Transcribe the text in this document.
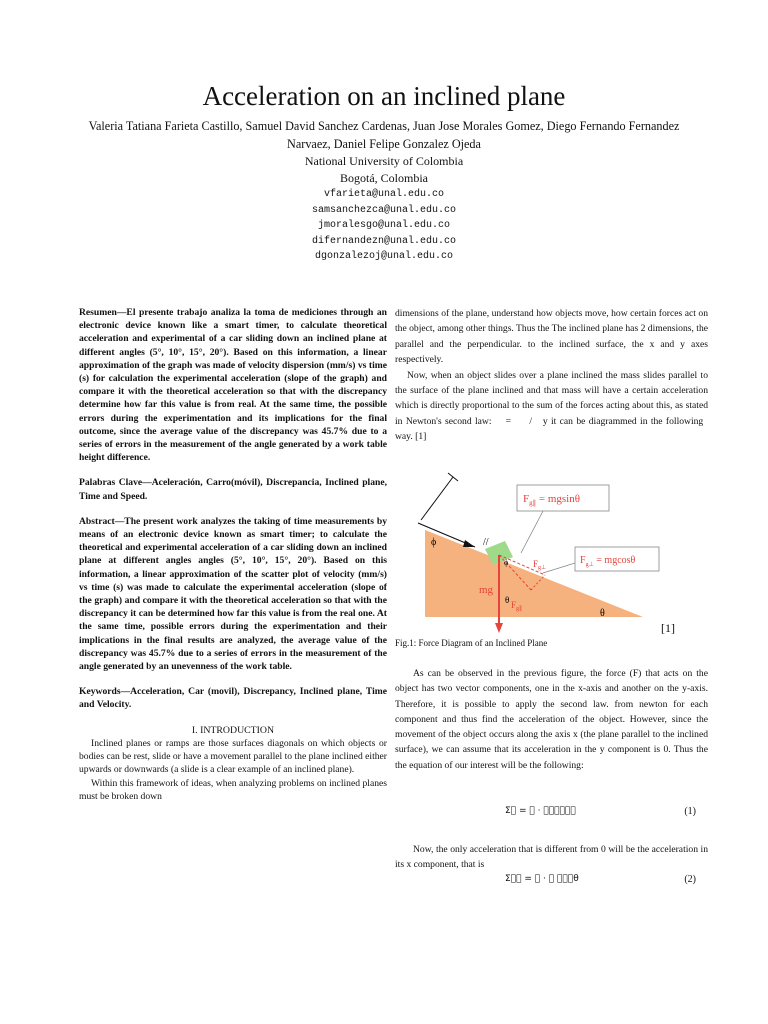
Acceleration on an inclined plane
Valeria Tatiana Farieta Castillo, Samuel David Sanchez Cardenas, Juan Jose Morales Gomez, Diego Fernando Fernandez Narvaez, Daniel Felipe Gonzalez Ojeda
National University of Colombia
Bogotá, Colombia
vfarieta@unal.edu.co
samsanchezca@unal.edu.co
jmoralesgo@unal.edu.co
difernandezn@unal.edu.co
dgonzalezoj@unal.edu.co

Resumen—El presente trabajo analiza la toma de mediciones through an electronic device known like a smart timer, to calculate theoretical acceleration and experimental of a car sliding down an inclined plane at different angles (5°, 10°, 15°, 20°). Based on this information, a linear approximation of the graph was made of velocity dispersion (mm/s) vs time (s) for calculation the experimental acceleration (slope of the graph) and compare it with the theoretical acceleration so that with the discrepancy determine how far this value is from real. At the same time, the possible errors during the experimentation and its implications for the final outcome, since the average value of the discrepancy was 45.7% due to a series of errors in the measurement of the angle generated by a work table height difference.

Palabras Clave—Aceleración, Carro(móvil), Discrepancia, Inclined plane, Time and Speed.

Abstract—The present work analyzes the taking of time measurements by means of an electronic device known as smart timer; to calculate the theoretical and experimental acceleration of a car sliding down an inclined plane at different angles angles (5°, 10°, 15°, 20°). Based on this information, a linear approximation of the scatter plot of velocity (mm/s) vs time (s) was made to calculate the experimental acceleration (slope of the graph) and compare it with the theoretical acceleration so that with the discrepancy it can be determined how far this value is from the real one. At the same time, possible errors during the experimentation and their implications in the final results are analyzed, the average value of the discrepancy was 45.7% due to a series of errors in the measurement of the angle generated by an unevenness of the work table.

Keywords—Acceleration, Car (movil), Discrepancy, Inclined plane, Time and Velocity.

I. INTRODUCTION

Inclined planes or ramps are those surfaces diagonals on which objects or bodies can be rest, slide or have a movement parallel to the plane inclined either upwards or downwards (a slide is a clear example of an inclined plane).

Within this framework of ideas, when analyzing problems on inclined planes must be broken down

dimensions of the plane, understand how objects move, how certain forces act on the object, among other things. Thus the The inclined plane has 2 dimensions, the parallel and the perpendicular. to the inclined surface, the x and y axes respectively.

Now, when an object slides over a plane inclined the mass slides parallel to the surface of the plane inclined and that mass will have a certain acceleration which is directly proportional to the sum of the forces acting about this, as stated in Newton's second law: ⃞ = ⃞⃞/⃞ y it can be diagrammed in the following way. [1]

ϕ	//
mg
θ
θ
ϕ
$F_{g\parallel}$
$F_{g\perp}$
$F_{g\parallel} = mgsin\theta$
$F_{g\perp} = mgcos\theta$
[1]
Fig.1: Force Diagram of an Inclined Plane

As can be observed in the previous figure, the force (F) that acts on the object has two vector components, one in the x-axis and another on the y-axis. Therefore, it is possible to apply the second law. from newton for each component and thus find the acceleration of the object. However, since the movement of the object occurs along the axis x (the plane parallel to the inclined surface), we can assume that its acceleration in the y component is 0. Thus the the equation of our interest will be the following:

Σ⃞ = ⃞ · ⃞⃞⃞⃞⃞⃞	(1)

Now, the only acceleration that is different from 0 will be the acceleration in its x component, that is

Σ⃞⃞ = ⃞ · ⃞ ⃞⃞⃞θ	(2)
